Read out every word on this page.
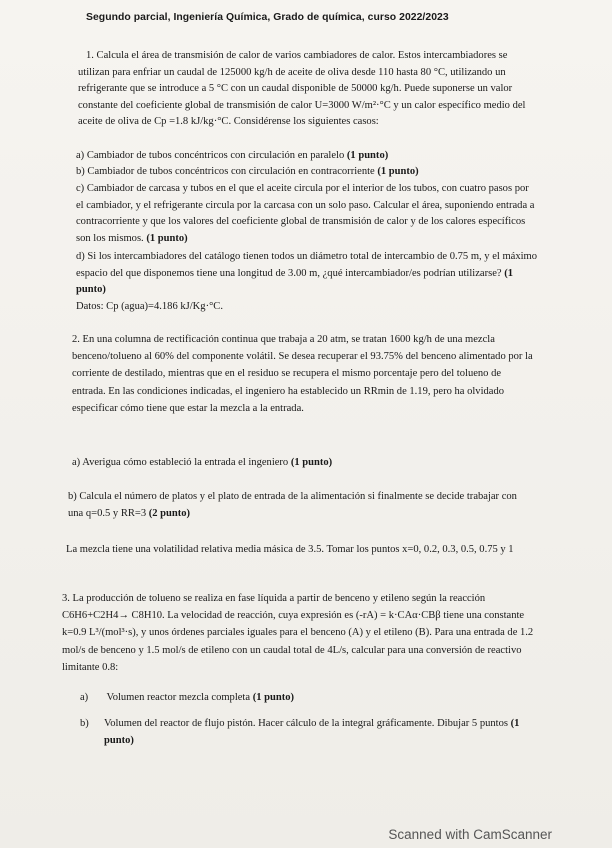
Segundo parcial, Ingeniería Química, Grado de química, curso 2022/2023
1. Calcula el área de transmisión de calor de varios cambiadores de calor. Estos intercambiadores se utilizan para enfriar un caudal de 125000 kg/h de aceite de oliva desde 110 hasta 80 °C, utilizando un refrigerante que se introduce a 5 °C con un caudal disponible de 50000 kg/h. Puede suponerse un valor constante del coeficiente global de transmisión de calor U=3000 W/m²·°C y un calor específico medio del aceite de oliva de Cp =1.8 kJ/kg·°C. Considérense los siguientes casos:
a) Cambiador de tubos concéntricos con circulación en paralelo (1 punto)
b) Cambiador de tubos concéntricos con circulación en contracorriente (1 punto)
c) Cambiador de carcasa y tubos en el que el aceite circula por el interior de los tubos, con cuatro pasos por el cambiador, y el refrigerante circula por la carcasa con un solo paso. Calcular el área, suponiendo entrada a contracorriente y que los valores del coeficiente global de transmisión de calor y de los calores específicos son los mismos. (1 punto)
d) Si los intercambiadores del catálogo tienen todos un diámetro total de intercambio de 0.75 m, y el máximo espacio del que disponemos tiene una longitud de 3.00 m, ¿qué intercambiador/es podrían utilizarse? (1 punto)
Datos: Cp (agua)=4.186 kJ/Kg·°C.
2. En una columna de rectificación continua que trabaja a 20 atm, se tratan 1600 kg/h de una mezcla benceno/tolueno al 60% del componente volátil. Se desea recuperar el 93.75% del benceno alimentado por la corriente de destilado, mientras que en el residuo se recupera el mismo porcentaje pero del tolueno de entrada. En las condiciones indicadas, el ingeniero ha establecido un RRmin de 1.19, pero ha olvidado especificar cómo tiene que estar la mezcla a la entrada.
a) Averigua cómo estableció la entrada el ingeniero (1 punto)
b) Calcula el número de platos y el plato de entrada de la alimentación si finalmente se decide trabajar con una q=0.5 y RR=3 (2 punto)
La mezcla tiene una volatilidad relativa media másica de 3.5. Tomar los puntos x=0, 0.2, 0.3, 0.5, 0.75 y 1
3. La producción de tolueno se realiza en fase líquida a partir de benceno y etileno según la reacción C6H6+C2H4→ C8H10. La velocidad de reacción, cuya expresión es (-rA) = k·CAα·CBβ tiene una constante k=0.9 L³/(mol³·s), y unos órdenes parciales iguales para el benceno (A) y el etileno (B). Para una entrada de 1.2 mol/s de benceno y 1.5 mol/s de etileno con un caudal total de 4L/s, calcular para una conversión de reactivo limitante 0.8:
a) Volumen reactor mezcla completa (1 punto)
b) Volumen del reactor de flujo pistón. Hacer cálculo de la integral gráficamente. Dibujar 5 puntos (1 punto)
Scanned with CamScanner
